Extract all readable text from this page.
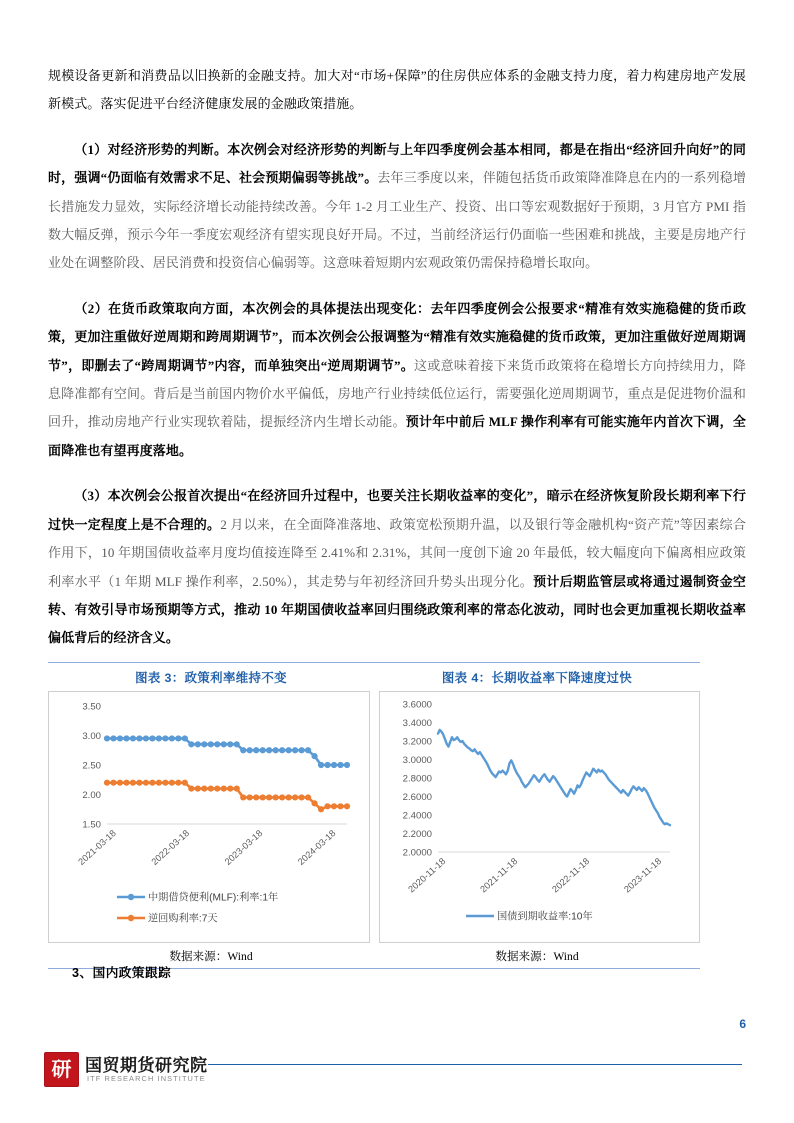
规模设备更新和消费品以旧换新的金融支持。加大对“市场+保障”的住房供应体系的金融支持力度，着力构建房地产发展新模式。落实促进平台经济健康发展的金融政策措施。

（1）对经济形势的判断。本次例会对经济形势的判断与上年四季度例会基本相同，都是在指出“经济回升向好”的同时，强调“仍面临有效需求不足、社会预期偏弱等挑战”。去年三季度以来，伴随包括货币政策降准降息在内的一系列稳增长措施发力显效，实际经济增长动能持续改善。今年 1-2 月工业生产、投资、出口等宏观数据好于预期，3 月官方 PMI 指数大幅反弹，预示今年一季度宏观经济有望实现良好开局。不过，当前经济运行仍面临一些困难和挑战，主要是房地产行业处在调整阶段、居民消费和投资信心偏弱等。这意味着短期内宏观政策仍需保持稳增长取向。

（2）在货币政策取向方面，本次例会的具体提法出现变化：去年四季度例会公报要求“精准有效实施稳健的货币政策，更加注重做好逆周期和跨周期调节”，而本次例会公报调整为“精准有效实施稳健的货币政策，更加注重做好逆周期调节”，即删去了“跨周期调节”内容，而单独突出“逆周期调节”。这或意味着接下来货币政策将在稳增长方向持续用力，降息降准都有空间。背后是当前国内物价水平偏低，房地产行业持续低位运行，需要强化逆周期调节，重点是促进物价温和回升，推动房地产行业实现软着陆，提振经济内生增长动能。预计年中前后 MLF 操作利率有可能实施年内首次下调，全面降准也有望再度落地。

（3）本次例会公报首次提出“在经济回升过程中，也要关注长期收益率的变化”，暗示在经济恢复阶段长期利率下行过快一定程度上是不合理的。2 月以来，在全面降准落地、政策宽松预期升温，以及银行等金融机构“资产荒”等因素综合作用下，10 年期国债收益率月度均值接连降至 2.41%和 2.31%，其间一度创下逾 20 年最低，较大幅度向下偏离相应政策利率水平（1 年期 MLF 操作利率，2.50%），其走势与年初经济回升势头出现分化。预计后期监管层或将通过遏制资金空转、有效引导市场预期等方式，推动 10 年期国债收益率回归围绕政策利率的常态化波动，同时也会更加重视长期收益率偏低背后的经济含义。

图表 3：政策利率维持不变	图表 4：长期收益率下降速度过快
1.50
2.00
2.50
3.00
3.50
2021-03-18	2022-03-18	2023-03-18	2024-03-18
中期借贷便利(MLF):利率:1年
逆回购利率:7天
2.0000
2.2000
2.4000
2.6000
2.8000
3.0000
3.2000
3.4000
3.6000
2020-11-18	2021-11-18	2022-11-18	2023-11-18
国债到期收益率:10年
数据来源：Wind	数据来源：Wind
3、国内政策跟踪
6
研 国贸期货研究院
ITF RESEARCH INSTITUTE
